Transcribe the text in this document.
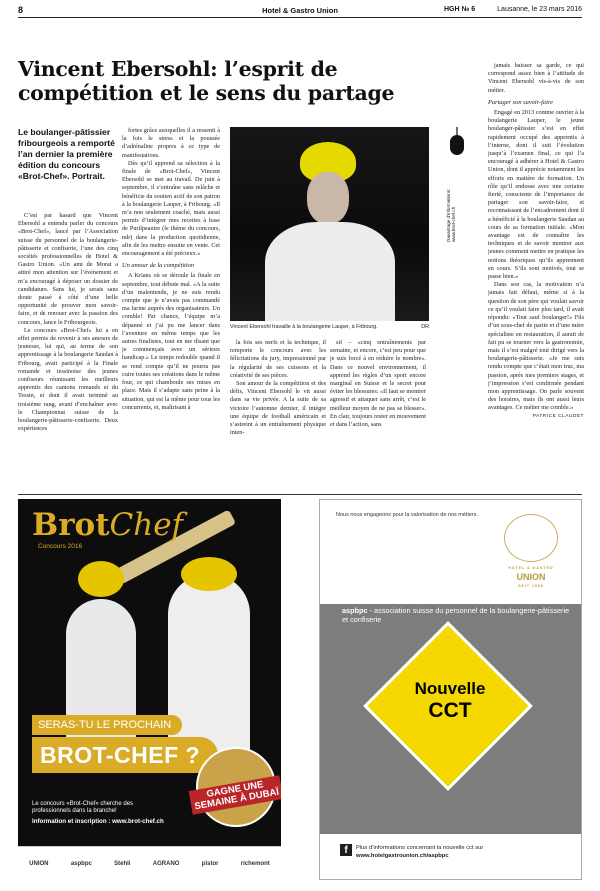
8	Hotel & Gastro Union	HGH № 6	Lausanne, le 23 mars 2016
Vincent Ebersohl: l’esprit de compétition et le sens du partage
Le boulanger-pâtissier fribourgeois a remporté l’an dernier la première édition du concours «Brot-Chef». Portrait.

C’est par hasard que Vincent Ebersohl a entendu parler du concours «Brot-Chef», lancé par l’Association suisse du personnel de la boulangerie-pâtisserie et confiserie, l’une des cinq sociétés professionnelles de Hotel & Gastro Union. «Un ami de Morat a attiré mon attention sur l’événement et m’a encouragé à déposer un dossier de candidature. Sans lui, je serais sans doute passé à côté d’une belle opportunité de prouver mon savoir-faire, et de renouer avec la passion des concours, lance le Fribourgeois.

Le concours «Brot-Chef» lui a en effet permis de revenir à ses amours de jeunesse, lui qui, au terme de son apprentissage à la boulangerie Saudan à Fribourg, avait participé à la Finale romande et tessinoise des jeunes confiseurs réunissant les meilleurs apprentis des cantons romands et du Tessin, et dont il avait terminé au troisième rang, avant d’enchaîner avec le Championnat suisse de la boulangerie-pâtisserie-confiserie. Deux expériences

fortes grâce auxquelles il a ressenti à la fois le stress et la poussée d’adrénaline propres à ce type de manifestations.

Dès qu’il apprend sa sélection à la finale de «Brot-Chef», Vincent Ebersohl se met au travail. De juin à septembre, il s’entraîne sans relâche et bénéficie du soutien actif de son patron à la boulangerie Lauper, à Fribourg. «Il m’a non seulement coaché, mais aussi permis d’intégrer mes recettes à base de Purilpeautre (le théme du concours, ndr) dans la production quotidienne, afin de les mettre ensuite en vente. Cet encouragement a été précieux.»

Un amour de la compétition

A Krians où se déroule la finale en septembre, tout débute mal. «A la suite d’un malentendu, je ne suis rendu compte que je n’avais pas commandé ma farine auprès des organisateurs. Un comble! Par chance, l’équipe m’a dépanné et j’ai pu me lancer dans l’aventure en même temps que les autres finalistes, tout en me disant que je commençais avec un sérieux handicap.» Le temps redouble quand il se rend compte qu’il ne pourra pas cuire toutes ses créations dans le même four, ce qui chamboule ses mises en place. Mais il s’adapte sans peine à la situation, qui est la même pour tous les concurrents, et, maîtrisant à

Vincent Ebersohl travaille à la boulangerie Lauper, à Fribourg.	DR
Davantage d’informations: www.brot-chef.ch

la fois ses nerfs et la technique, il remporte le concours avec les félicitations du jury, impressionné par la régularité de ses cuissons et la créativité de ses pièces.

Son amour de la compétition et des défis, Vincent Ebersohl le vit aussi dans sa vie privée. A la suite de sa victoire l’automne dernier, il intègre une équipe de football américain et s’astreint à un entraînement physique inten-

sif – «cinq entraînements par semaine, et encore, c’est peu pour que je suis forcé à en réduire le nombre». Dans ce nouvel environnement, il apprend les règles d’un sport encore marginal en Suisse et le secret pour éviter les blessures: «Il faut se montrer agressif et attaquer sans arrêt, c’est le meilleur moyen de ne pas se blesser». En clair, toujours rester en mouvement et dans l’action, sans

jamais baisser sa garde, ce qui correspond assez bien à l’attitude de Vincent Ebersohl vis-à-vis de son métier.

Partager son savoir-faire

Engagé en 2013 comme ouvrier à la boulangerie Lauper, le jeune boulanger-pâtissier s’est en effet rapidement occupé des apprentis à l’interne, dont il suit l’évolution jusqu’à l’examen final, ce qui l’a encouragé à adhérer à Hotel & Gastro Union, dont il apprécie notamment les efforts en matière de formation. Un rôle qu’il endosse avec une certaine fierté, consciente de l’importance de partager son savoir-faire, et reconnaissant de l’encadrement dont il a bénéficié à la boulangerie Saudan au cours de sa formation initiale. «Mon avantage est de connaître les techniques et de savoir montrer aux jeunes comment mettre en pratique les notions théoriques qu’ils apprennent en cours. S’ils sont motivés, tout se passe bien.»

Dans son cas, la motivation n’a jamais fait défaut, même si à la question de son père qui voulait savoir ce qu’il voulait faire plus tard, il avait répondu: «Tout sauf boulanger!» Fils d’un sous-chef de partie et d’une mère spécialiste en restauration, il aurait de fait pu se tourner vers la gastronomie, mais il s’est malgré tout dirigé vers la boulangerie-pâtisserie. «Je me suis rendu compte que c’était mon truc, ma passion, après mes premiers stages, et j’impression s’est confirmée pendant mon apprentissage. On parle souvent des horaires, mais ils ont aussi leurs avantages. Ce métier me comble.»

PATRICE CLAUDET
BrotChef
Concours 2016
SERAS-TU LE PROCHAIN
BROT-CHEF ?
GAGNE UNE SEMAINE À DUBAÏ
Le concours «Brot-Chef» cherche des professionnels dans la branche!
Information et inscription : www.brot-chef.ch
UNION	aspbpc	Stehli	AGRANO	pistor	richemont
Nous nous engageons pour la valorisation de nos métiers.
HOTEL & GASTRO
UNION
SEIT 1886
aspbpc - association suisse du personnel de la boulangerie-pâtisserie et confiserie
Nouvelle
CCT
f	Plus d’informations concernant la nouvelle cct sur
www.hotelgastrounion.ch/aspbpc
